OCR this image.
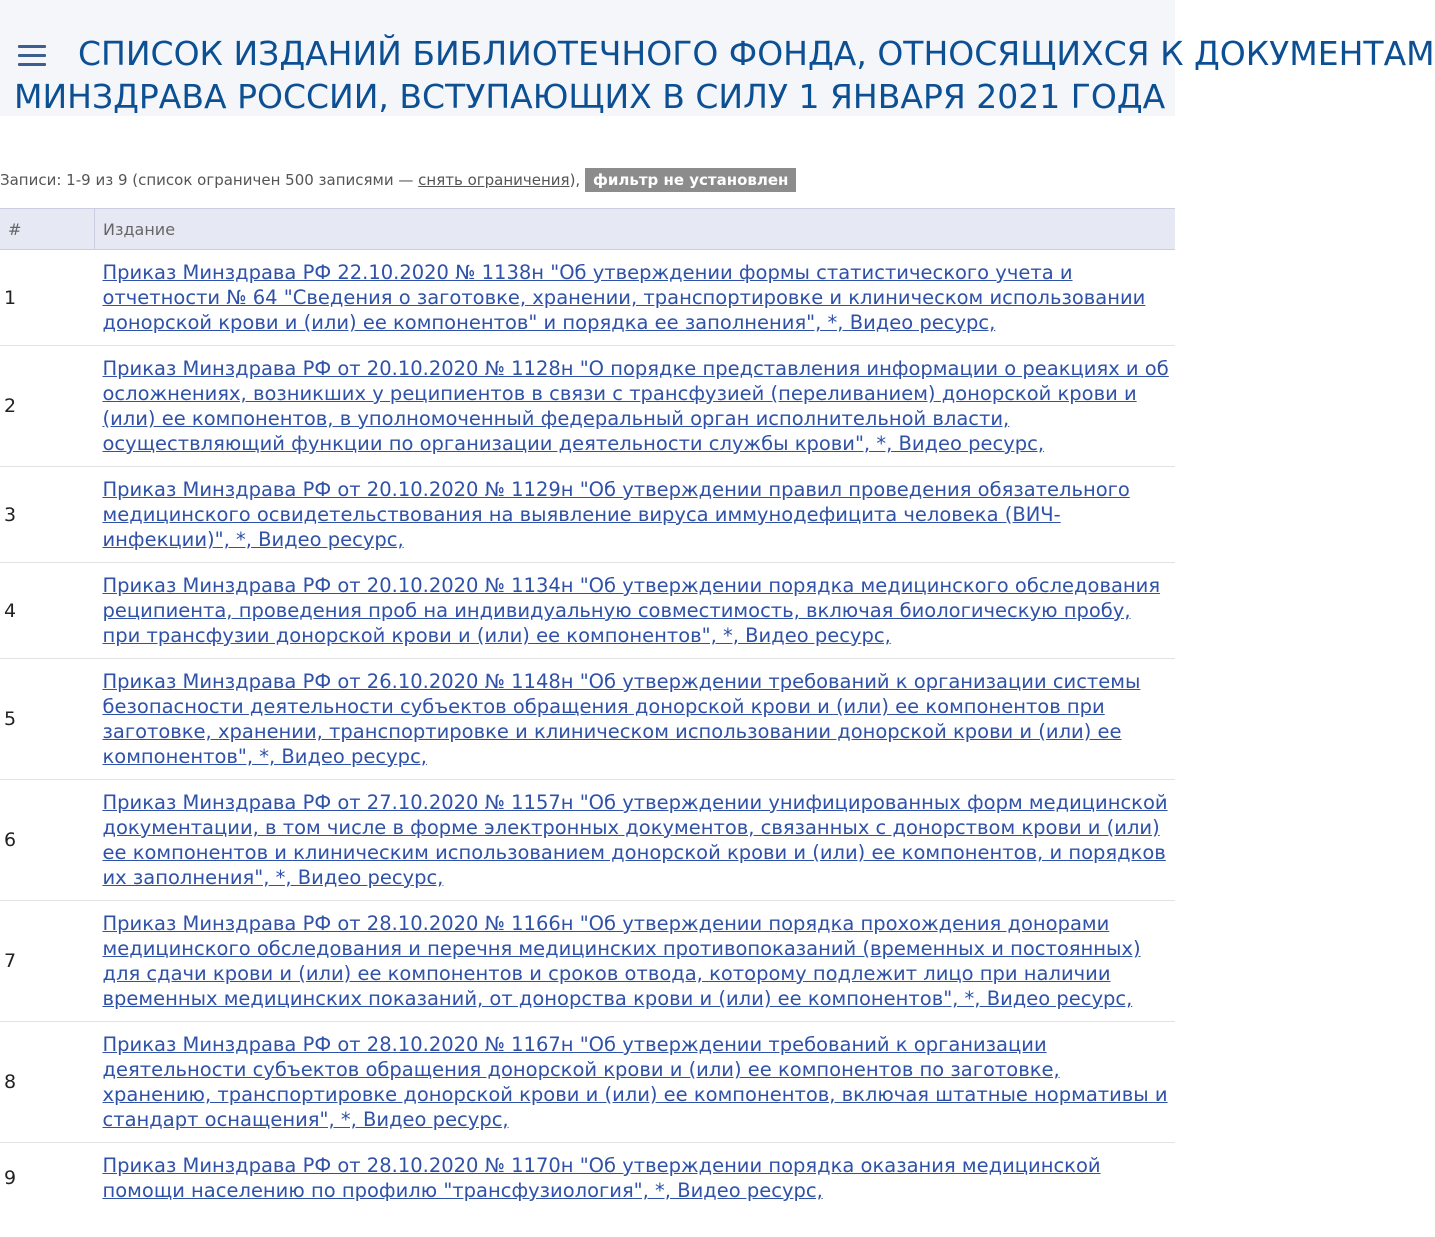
СПИСОК ИЗДАНИЙ БИБЛИОТЕЧНОГО ФОНДА, ОТНОСЯЩИХСЯ К ДОКУМЕНТАМ
МИНЗДРАВА РОССИИ, ВСТУПАЮЩИХ В СИЛУ 1 ЯНВАРЯ 2021 ГОДА
Записи: 1-9 из 9 (список ограничен 500 записями — снять ограничения), фильтр не установлен
#	Издание
1	Приказ Минздрава РФ 22.10.2020 № 1138н "Об утверждении формы статистического учета и отчетности № 64 "Сведения о заготовке, хранении, транспортировке и клиническом использовании донорской крови и (или) ее компонентов" и порядка ее заполнения", *, Видео ресурс,
2	Приказ Минздрава РФ от 20.10.2020 № 1128н "О порядке представления информации о реакциях и об осложнениях, возникших у реципиентов в связи с трансфузией (переливанием) донорской крови и (или) ее компонентов, в уполномоченный федеральный орган исполнительной власти, осуществляющий функции по организации деятельности службы крови", *, Видео ресурс,
3	Приказ Минздрава РФ от 20.10.2020 № 1129н "Об утверждении правил проведения обязательного медицинского освидетельствования на выявление вируса иммунодефицита человека (ВИЧ-инфекции)", *, Видео ресурс,
4	Приказ Минздрава РФ от 20.10.2020 № 1134н "Об утверждении порядка медицинского обследования реципиента, проведения проб на индивидуальную совместимость, включая биологическую пробу, при трансфузии донорской крови и (или) ее компонентов", *, Видео ресурс,
5	Приказ Минздрава РФ от 26.10.2020 № 1148н "Об утверждении требований к организации системы безопасности деятельности субъектов обращения донорской крови и (или) ее компонентов при заготовке, хранении, транспортировке и клиническом использовании донорской крови и (или) ее компонентов", *, Видео ресурс,
6	Приказ Минздрава РФ от 27.10.2020 № 1157н "Об утверждении унифицированных форм медицинской документации, в том числе в форме электронных документов, связанных с донорством крови и (или) ее компонентов и клиническим использованием донорской крови и (или) ее компонентов, и порядков их заполнения", *, Видео ресурс,
7	Приказ Минздрава РФ от 28.10.2020 № 1166н "Об утверждении порядка прохождения донорами медицинского обследования и перечня медицинских противопоказаний (временных и постоянных) для сдачи крови и (или) ее компонентов и сроков отвода, которому подлежит лицо при наличии временных медицинских показаний, от донорства крови и (или) ее компонентов", *, Видео ресурс,
8	Приказ Минздрава РФ от 28.10.2020 № 1167н "Об утверждении требований к организации деятельности субъектов обращения донорской крови и (или) ее компонентов по заготовке, хранению, транспортировке донорской крови и (или) ее компонентов, включая штатные нормативы и стандарт оснащения", *, Видео ресурс,
9	Приказ Минздрава РФ от 28.10.2020 № 1170н "Об утверждении порядка оказания медицинской помощи населению по профилю "трансфузиология", *, Видео ресурс,
